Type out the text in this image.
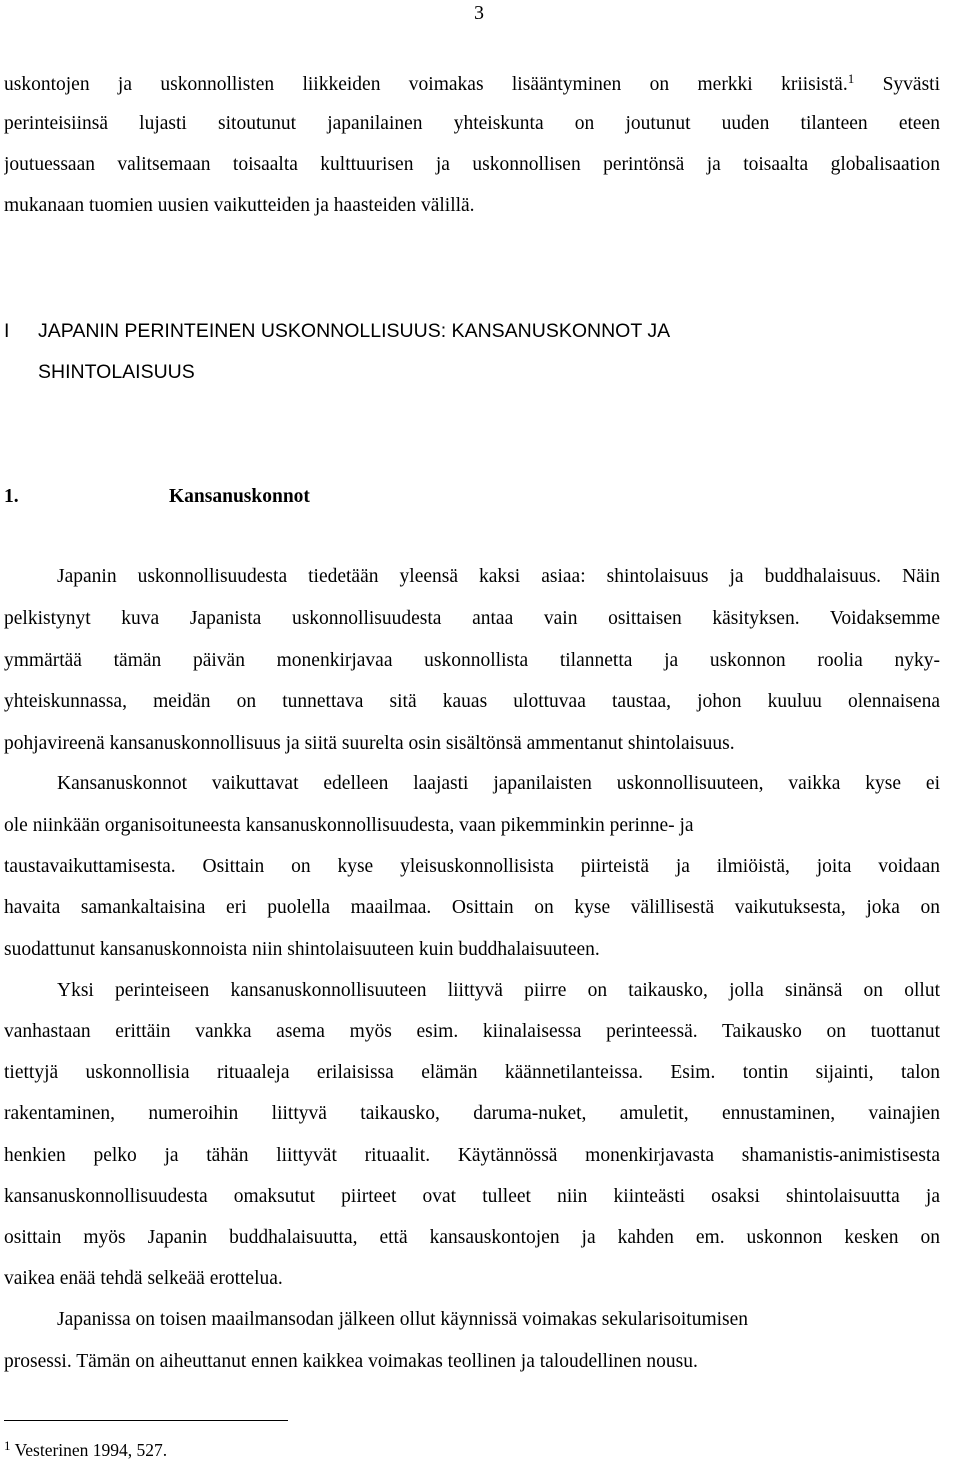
3
uskontojen ja uskonnollisten liikkeiden voimakas lisääntyminen on merkki kriisistä.$^1$ Syvästi
perinteisiinsä lujasti sitoutunut japanilainen yhteiskunta on joutunut uuden tilanteen eteen
joutuessaan valitsemaan toisaalta kulttuurisen ja uskonnollisen perintönsä ja toisaalta globalisaation
mukanaan tuomien uusien vaikutteiden ja haasteiden välillä.
I JAPANIN PERINTEINEN USKONNOLLISUUS: KANSANUSKONNOT JA
SHINTOLAISUUS
1.	Kansanuskonnot
Japanin uskonnollisuudesta tiedetään yleensä kaksi asiaa: shintolaisuus ja buddhalaisuus. Näin
pelkistynyt kuva Japanista uskonnollisuudesta antaa vain osittaisen käsityksen. Voidaksemme
ymmärtää tämän päivän monenkirjavaa uskonnollista tilannetta ja uskonnon roolia nyky-
yhteiskunnassa, meidän on tunnettava sitä kauas ulottuvaa taustaa, johon kuuluu olennaisena
pohjavireenä kansanuskonnollisuus ja siitä suurelta osin sisältönsä ammentanut shintolaisuus.
Kansanuskonnot vaikuttavat edelleen laajasti japanilaisten uskonnollisuuteen, vaikka kyse ei
ole niinkään organisoituneesta kansanuskonnollisuudesta, vaan pikemminkin perinne- ja
taustavaikuttamisesta. Osittain on kyse yleisuskonnollisista piirteistä ja ilmiöistä, joita voidaan
havaita samankaltaisina eri puolella maailmaa. Osittain on kyse välillisestä vaikutuksesta, joka on
suodattunut kansanuskonnoista niin shintolaisuuteen kuin buddhalaisuuteen.
Yksi perinteiseen kansanuskonnollisuuteen liittyvä piirre on taikausko, jolla sinänsä on ollut
vanhastaan erittäin vankka asema myös esim. kiinalaisessa perinteessä. Taikausko on tuottanut
tiettyjä uskonnollisia rituaaleja erilaisissa elämän käännetilanteissa. Esim. tontin sijainti, talon
rakentaminen, numeroihin liittyvä taikausko, daruma-nuket, amuletit, ennustaminen, vainajien
henkien pelko ja tähän liittyvät rituaalit. Käytännössä monenkirjavasta shamanistis-animistisesta
kansanuskonnollisuudesta omaksutut piirteet ovat tulleet niin kiinteästi osaksi shintolaisuutta ja
osittain myös Japanin buddhalaisuutta, että kansauskontojen ja kahden em. uskonnon kesken on
vaikea enää tehdä selkeää erottelua.
Japanissa on toisen maailmansodan jälkeen ollut käynnissä voimakas sekularisoitumisen
prosessi. Tämän on aiheuttanut ennen kaikkea voimakas teollinen ja taloudellinen nousu.
$^1$ Vesterinen 1994, 527.
